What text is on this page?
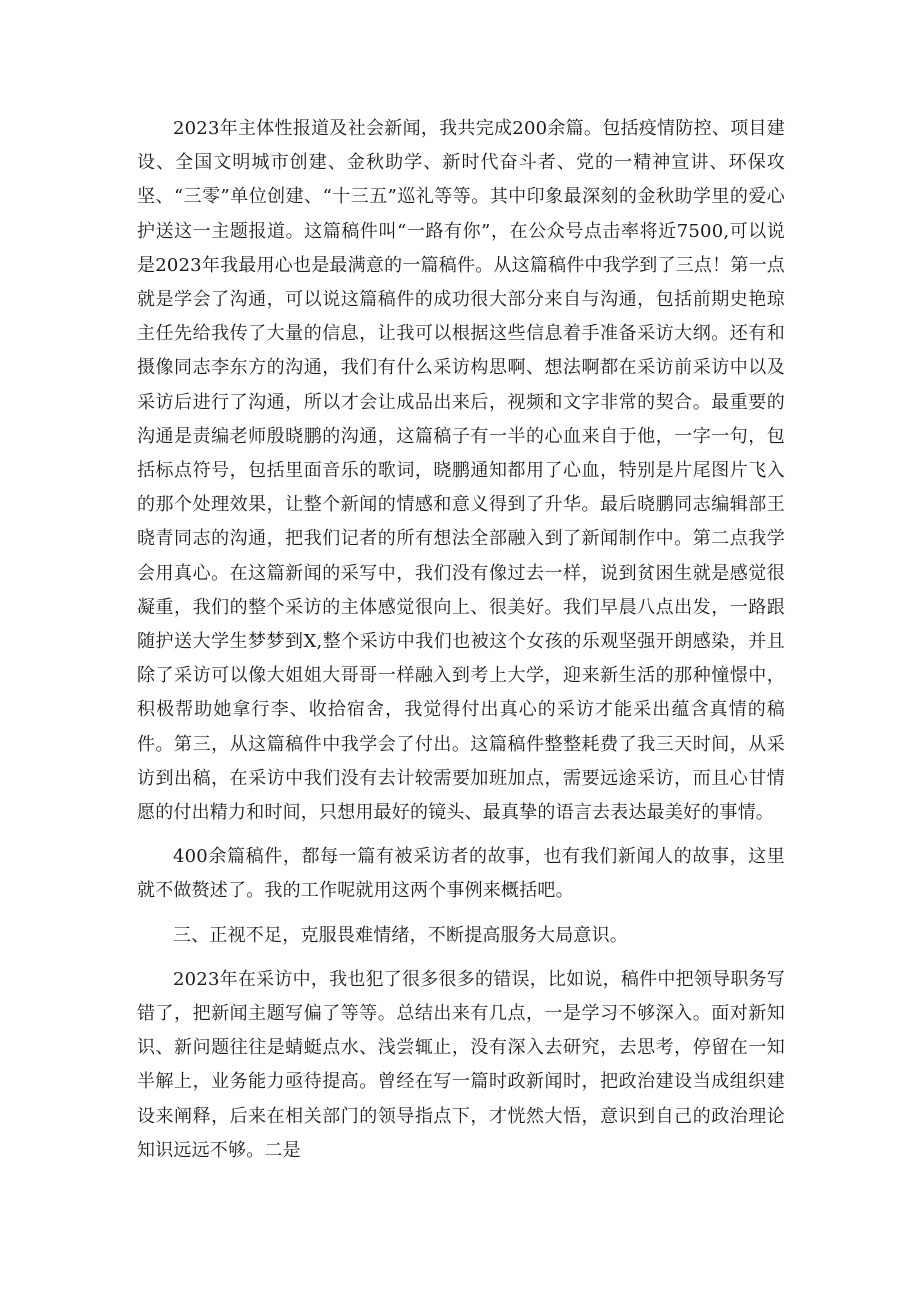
2023年主体性报道及社会新闻，我共完成200余篇。包括疫情防控、项目建设、全国文明城市创建、金秋助学、新时代奋斗者、党的一精神宣讲、环保攻坚、“三零”单位创建、“十三五”巡礼等等。其中印象最深刻的金秋助学里的爱心护送这一主题报道。这篇稿件叫“一路有你”，在公众号点击率将近7500,可以说是2023年我最用心也是最满意的一篇稿件。从这篇稿件中我学到了三点！第一点就是学会了沟通，可以说这篇稿件的成功很大部分来自与沟通，包括前期史艳琼主任先给我传了大量的信息，让我可以根据这些信息着手准备采访大纲。还有和摄像同志李东方的沟通，我们有什么采访构思啊、想法啊都在采访前采访中以及采访后进行了沟通，所以才会让成品出来后，视频和文字非常的契合。最重要的沟通是责编老师殷晓鹏的沟通，这篇稿子有一半的心血来自于他，一字一句，包括标点符号，包括里面音乐的歌词，晓鹏通知都用了心血，特别是片尾图片飞入的那个处理效果，让整个新闻的情感和意义得到了升华。最后晓鹏同志编辑部王晓青同志的沟通，把我们记者的所有想法全部融入到了新闻制作中。第二点我学会用真心。在这篇新闻的采写中，我们没有像过去一样，说到贫困生就是感觉很凝重，我们的整个采访的主体感觉很向上、很美好。我们早晨八点出发，一路跟随护送大学生梦梦到X,整个采访中我们也被这个女孩的乐观坚强开朗感染，并且除了采访可以像大姐姐大哥哥一样融入到考上大学，迎来新生活的那种憧憬中，积极帮助她拿行李、收拾宿舍，我觉得付出真心的采访才能采出蕴含真情的稿件。第三，从这篇稿件中我学会了付出。这篇稿件整整耗费了我三天时间，从采访到出稿，在采访中我们没有去计较需要加班加点，需要远途采访，而且心甘情愿的付出精力和时间，只想用最好的镜头、最真挚的语言去表达最美好的事情。

400余篇稿件，都每一篇有被采访者的故事，也有我们新闻人的故事，这里就不做赘述了。我的工作呢就用这两个事例来概括吧。

三、正视不足，克服畏难情绪，不断提高服务大局意识。

2023年在采访中，我也犯了很多很多的错误，比如说，稿件中把领导职务写错了，把新闻主题写偏了等等。总结出来有几点，一是学习不够深入。面对新知识、新问题往往是蜻蜓点水、浅尝辄止，没有深入去研究，去思考，停留在一知半解上，业务能力亟待提高。曾经在写一篇时政新闻时，把政治建设当成组织建设来阐释，后来在相关部门的领导指点下，才恍然大悟，意识到自己的政治理论知识远远不够。二是
